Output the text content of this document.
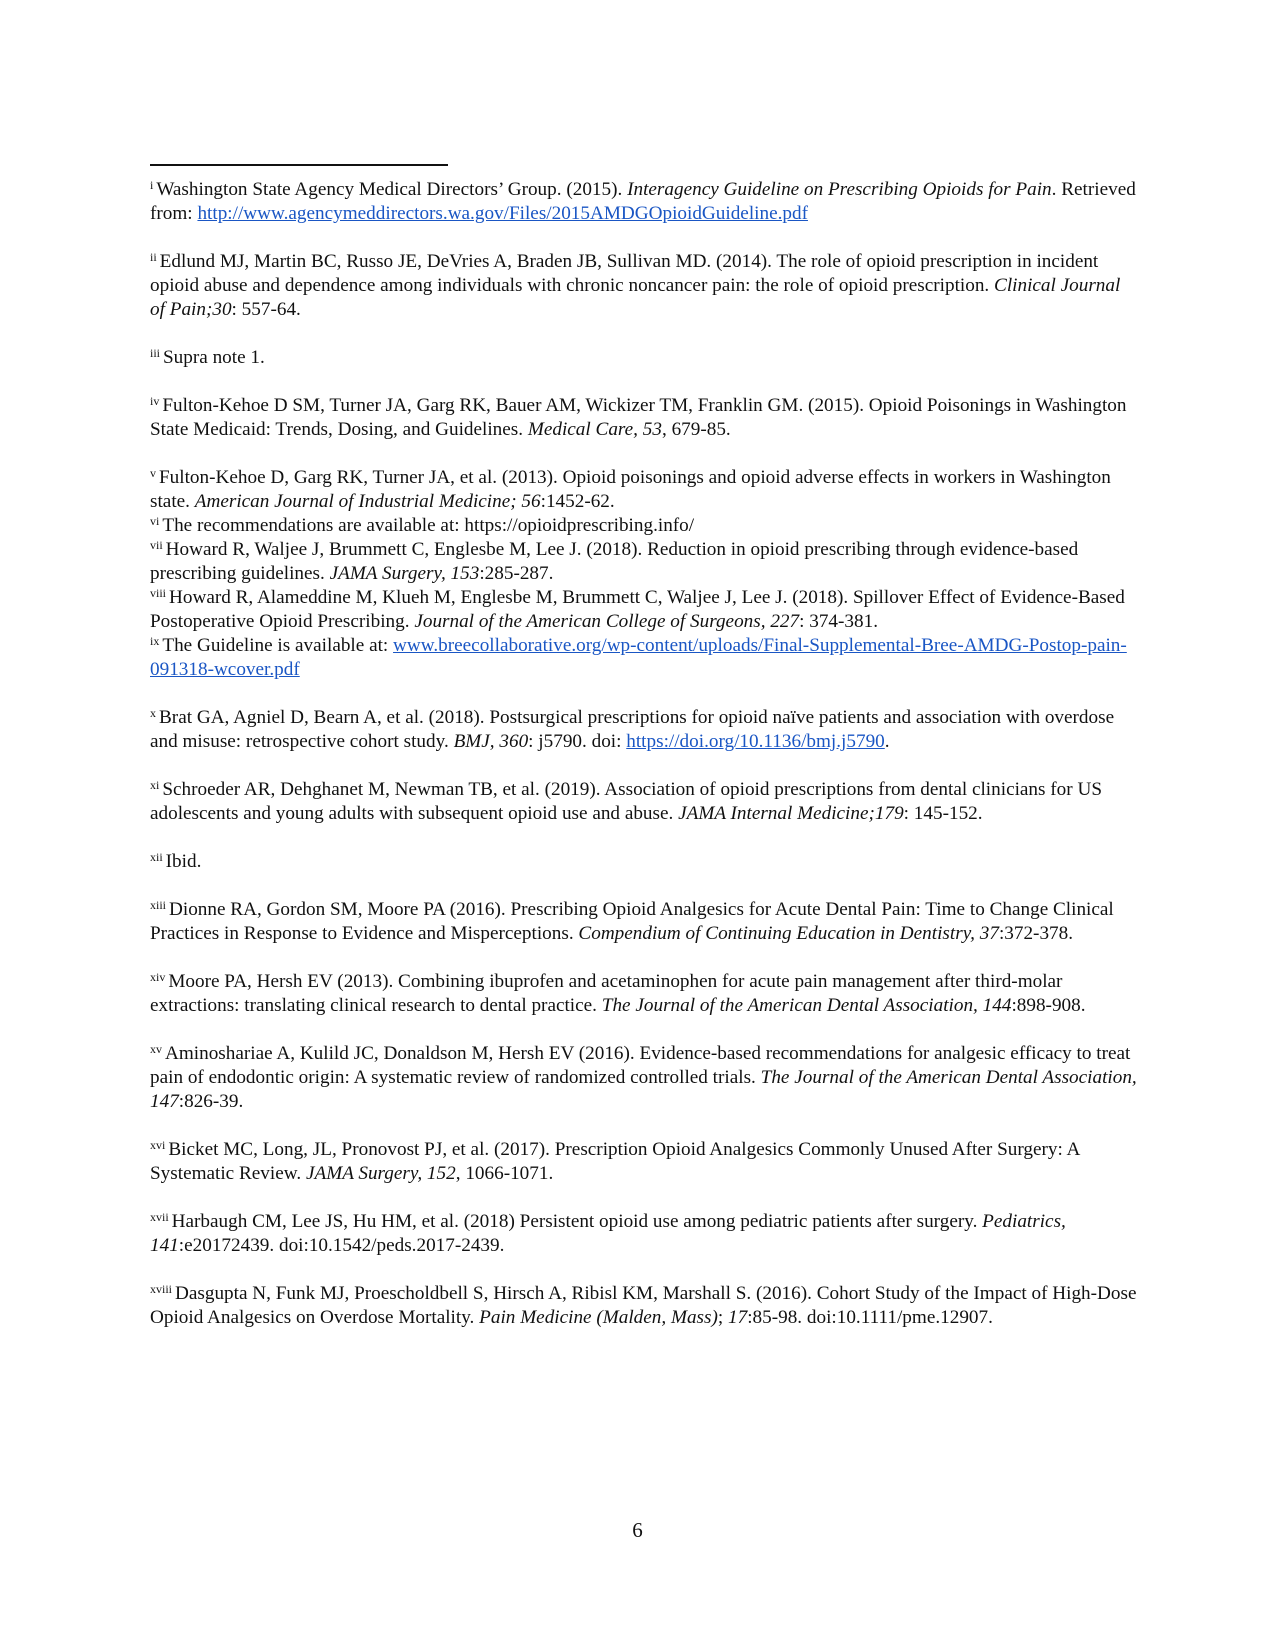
$^i$ Washington State Agency Medical Directors’ Group. (2015). Interagency Guideline on Prescribing Opioids for Pain. Retrieved from: http://www.agencymeddirectors.wa.gov/Files/2015AMDGOpioidGuideline.pdf

$^{ii}$ Edlund MJ, Martin BC, Russo JE, DeVries A, Braden JB, Sullivan MD. (2014). The role of opioid prescription in incident opioid abuse and dependence among individuals with chronic noncancer pain: the role of opioid prescription. Clinical Journal of Pain;30: 557-64.

$^{iii}$ Supra note 1.

$^{iv}$ Fulton-Kehoe D SM, Turner JA, Garg RK, Bauer AM, Wickizer TM, Franklin GM. (2015). Opioid Poisonings in Washington State Medicaid: Trends, Dosing, and Guidelines. Medical Care, 53, 679-85.

$^v$ Fulton-Kehoe D, Garg RK, Turner JA, et al. (2013). Opioid poisonings and opioid adverse effects in workers in Washington state. American Journal of Industrial Medicine; 56:1452-62.

$^{vi}$ The recommendations are available at: https://opioidprescribing.info/

$^{vii}$ Howard R, Waljee J, Brummett C, Englesbe M, Lee J. (2018). Reduction in opioid prescribing through evidence-based prescribing guidelines. JAMA Surgery, 153:285-287.

$^{viii}$ Howard R, Alameddine M, Klueh M, Englesbe M, Brummett C, Waljee J, Lee J. (2018). Spillover Effect of Evidence-Based Postoperative Opioid Prescribing. Journal of the American College of Surgeons, 227: 374-381.

$^{ix}$ The Guideline is available at: www.breecollaborative.org/wp-content/uploads/Final-Supplemental-Bree-AMDG-Postop-pain-091318-wcover.pdf

$^x$ Brat GA, Agniel D, Bearn A, et al. (2018). Postsurgical prescriptions for opioid naïve patients and association with overdose and misuse: retrospective cohort study. BMJ, 360: j5790. doi: https://doi.org/10.1136/bmj.j5790.

$^{xi}$ Schroeder AR, Dehghanet M, Newman TB, et al. (2019). Association of opioid prescriptions from dental clinicians for US adolescents and young adults with subsequent opioid use and abuse. JAMA Internal Medicine;179: 145-152.

$^{xii}$ Ibid.

$^{xiii}$ Dionne RA, Gordon SM, Moore PA (2016). Prescribing Opioid Analgesics for Acute Dental Pain: Time to Change Clinical Practices in Response to Evidence and Misperceptions. Compendium of Continuing Education in Dentistry, 37:372-378.

$^{xiv}$ Moore PA, Hersh EV (2013). Combining ibuprofen and acetaminophen for acute pain management after third-molar extractions: translating clinical research to dental practice. The Journal of the American Dental Association, 144:898-908.

$^{xv}$ Aminoshariae A, Kulild JC, Donaldson M, Hersh EV (2016). Evidence-based recommendations for analgesic efficacy to treat pain of endodontic origin: A systematic review of randomized controlled trials. The Journal of the American Dental Association, 147:826-39.

$^{xvi}$ Bicket MC, Long, JL, Pronovost PJ, et al. (2017). Prescription Opioid Analgesics Commonly Unused After Surgery: A Systematic Review. JAMA Surgery, 152, 1066-1071.

$^{xvii}$ Harbaugh CM, Lee JS, Hu HM, et al. (2018) Persistent opioid use among pediatric patients after surgery. Pediatrics, 141:e20172439. doi:10.1542/peds.2017-2439.

$^{xviii}$ Dasgupta N, Funk MJ, Proescholdbell S, Hirsch A, Ribisl KM, Marshall S. (2016). Cohort Study of the Impact of High-Dose Opioid Analgesics on Overdose Mortality. Pain Medicine (Malden, Mass); 17:85-98. doi:10.1111/pme.12907.

6
